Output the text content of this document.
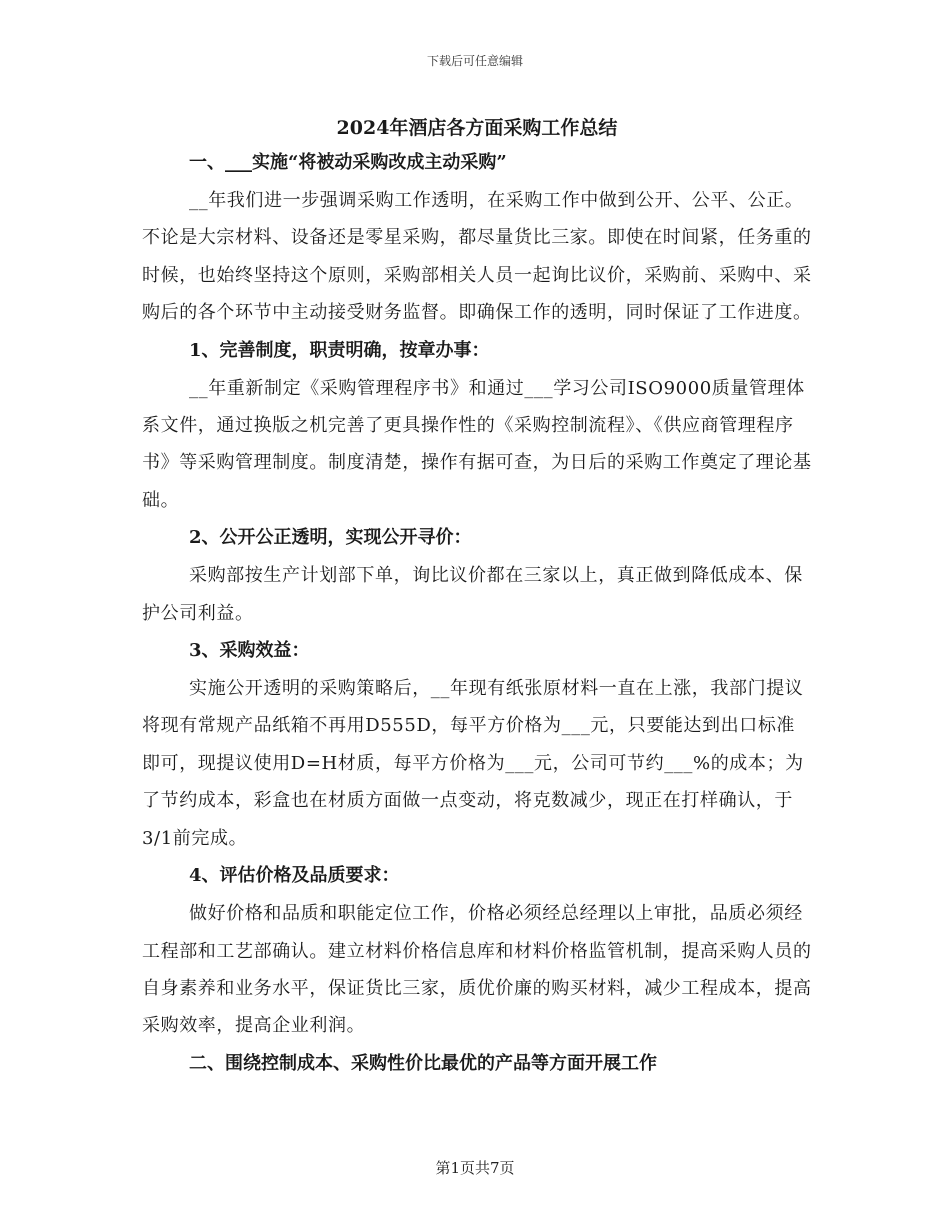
下载后可任意编辑
2024年酒店各方面采购工作总结
一、___实施“将被动采购改成主动采购”

__年我们进一步强调采购工作透明，在采购工作中做到公开、公平、公正。不论是大宗材料、设备还是零星采购，都尽量货比三家。即使在时间紧，任务重的时候，也始终坚持这个原则，采购部相关人员一起询比议价，采购前、采购中、采购后的各个环节中主动接受财务监督。即确保工作的透明，同时保证了工作进度。

1、完善制度，职责明确，按章办事：

__年重新制定《采购管理程序书》和通过___学习公司ISO9000质量管理体系文件，通过换版之机完善了更具操作性的《采购控制流程》、《供应商管理程序书》等采购管理制度。制度清楚，操作有据可查，为日后的采购工作奠定了理论基础。

2、公开公正透明，实现公开寻价：

采购部按生产计划部下单，询比议价都在三家以上，真正做到降低成本、保护公司利益。

3、采购效益：

实施公开透明的采购策略后，__年现有纸张原材料一直在上涨，我部门提议将现有常规产品纸箱不再用D555D，每平方价格为___元，只要能达到出口标准即可，现提议使用D=H材质，每平方价格为___元，公司可节约___%的成本；为了节约成本，彩盒也在材质方面做一点变动，将克数减少，现正在打样确认，于3/1前完成。

4、评估价格及品质要求：

做好价格和品质和职能定位工作，价格必须经总经理以上审批，品质必须经工程部和工艺部确认。建立材料价格信息库和材料价格监管机制，提高采购人员的自身素养和业务水平，保证货比三家，质优价廉的购买材料，减少工程成本，提高采购效率，提高企业利润。

二、围绕控制成本、采购性价比最优的产品等方面开展工作
第1页共7页
